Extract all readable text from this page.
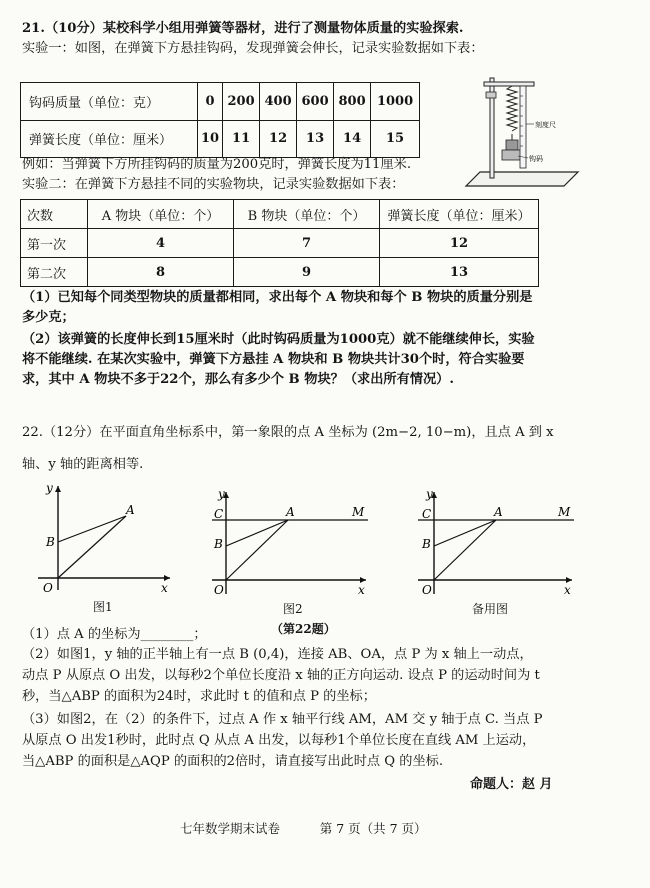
21.（10分）某校科学小组用弹簧等器材，进行了测量物体质量的实验探索.
实验一：如图，在弹簧下方悬挂钩码，发现弹簧会伸长，记录实验数据如下表：
钩码质量（单位：克）	0	200	400	600	800	1000
弹簧长度（单位：厘米）	10	11	12	13	14	15
刻度尺
钩码
例如：当弹簧下方所挂钩码的质量为200克时，弹簧长度为11厘米.
实验二：在弹簧下方悬挂不同的实验物块，记录实验数据如下表：
次数	A 物块（单位：个）	B 物块（单位：个）	弹簧长度（单位：厘米）
第一次	4	7	12
第二次	8	9	13
（1）已知每个同类型物块的质量都相同，求出每个 A 物块和每个 B 物块的质量分别是
多少克；
（2）该弹簧的长度伸长到15厘米时（此时钩码质量为1000克）就不能继续伸长，实验
将不能继续. 在某次实验中，弹簧下方悬挂 A 物块和 B 物块共计30个时，符合实验要
求，其中 A 物块不多于22个，那么有多少个 B 物块？（求出所有情况）.
22.（12分）在平面直角坐标系中，第一象限的点 A 坐标为 (2m−2, 10−m)，且点 A 到 x
轴、y 轴的距离相等.
y
x
O
A
B
图1
y
x
O
C	A	M
B
图2
y
x
O
C	A	M
B
备用图
（第22题）
（1）点 A 的坐标为________；
（2）如图1，y 轴的正半轴上有一点 B (0,4)，连接 AB、OA，点 P 为 x 轴上一动点，
动点 P 从原点 O 出发，以每秒2个单位长度沿 x 轴的正方向运动. 设点 P 的运动时间为 t
秒，当△ABP 的面积为24时，求此时 t 的值和点 P 的坐标；
（3）如图2，在（2）的条件下，过点 A 作 x 轴平行线 AM，AM 交 y 轴于点 C. 当点 P
从原点 O 出发1秒时，此时点 Q 从点 A 出发，以每秒1个单位长度在直线 AM 上运动，
当△ABP 的面积是△AQP 的面积的2倍时，请直接写出此时点 Q 的坐标.
命题人：赵 月
七年数学期末试卷          第 7 页（共 7 页）
